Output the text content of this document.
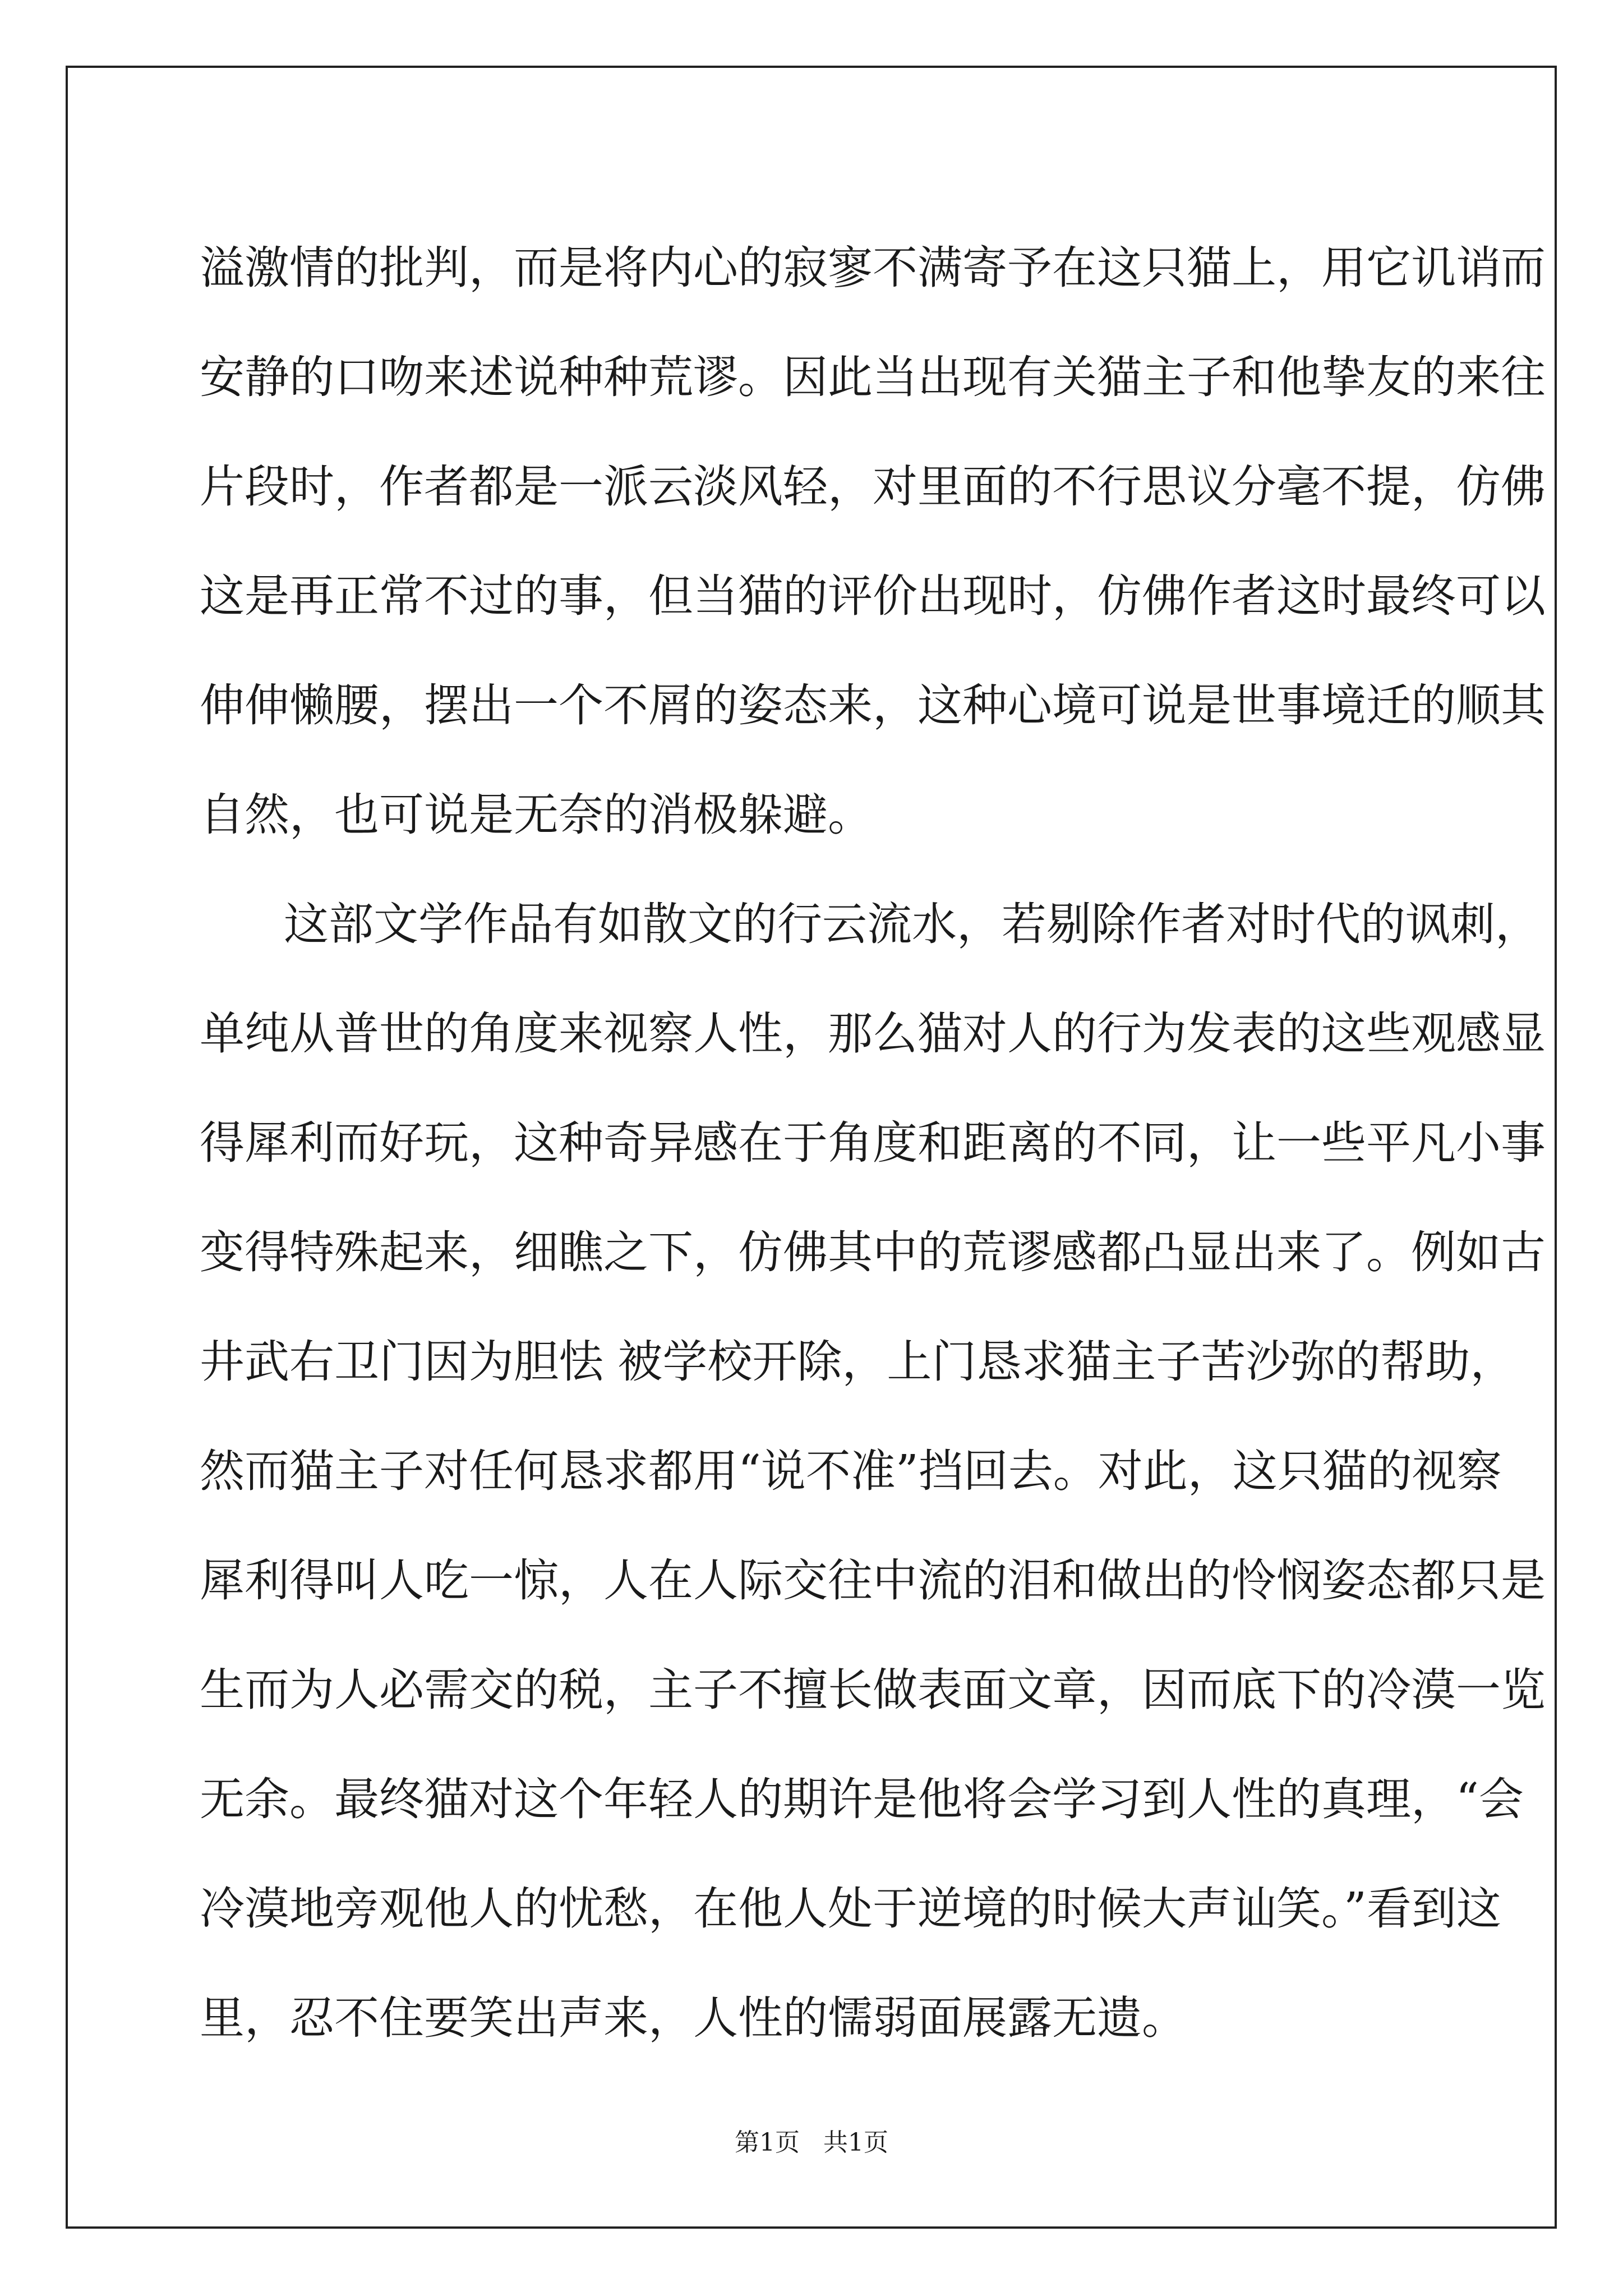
溢激情的批判，而是将内心的寂寥不满寄予在这只猫上，用它讥诮而
安静的口吻来述说种种荒谬。因此当出现有关猫主子和他挚友的来往
片段时，作者都是一派云淡风轻，对里面的不行思议分毫不提，仿佛
这是再正常不过的事，但当猫的评价出现时，仿佛作者这时最终可以
伸伸懒腰，摆出一个不屑的姿态来，这种心境可说是世事境迁的顺其
自然，也可说是无奈的消极躲避。
这部文学作品有如散文的行云流水，若剔除作者对时代的讽刺，
单纯从普世的角度来视察人性，那么猫对人的行为发表的这些观感显
得犀利而好玩，这种奇异感在于角度和距离的不同，让一些平凡小事
变得特殊起来，细瞧之下，仿佛其中的荒谬感都凸显出来了。例如古
井武右卫门因为胆怯 被学校开除，上门恳求猫主子苦沙弥的帮助，
然而猫主子对任何恳求都用“说不准”挡回去。对此，这只猫的视察
犀利得叫人吃一惊，人在人际交往中流的泪和做出的怜悯姿态都只是
生而为人必需交的税，主子不擅长做表面文章，因而底下的冷漠一览
无余。最终猫对这个年轻人的期许是他将会学习到人性的真理，“会
冷漠地旁观他人的忧愁，在他人处于逆境的时候大声讪笑。”看到这
里，忍不住要笑出声来，人性的懦弱面展露无遗。
第1页 共1页
